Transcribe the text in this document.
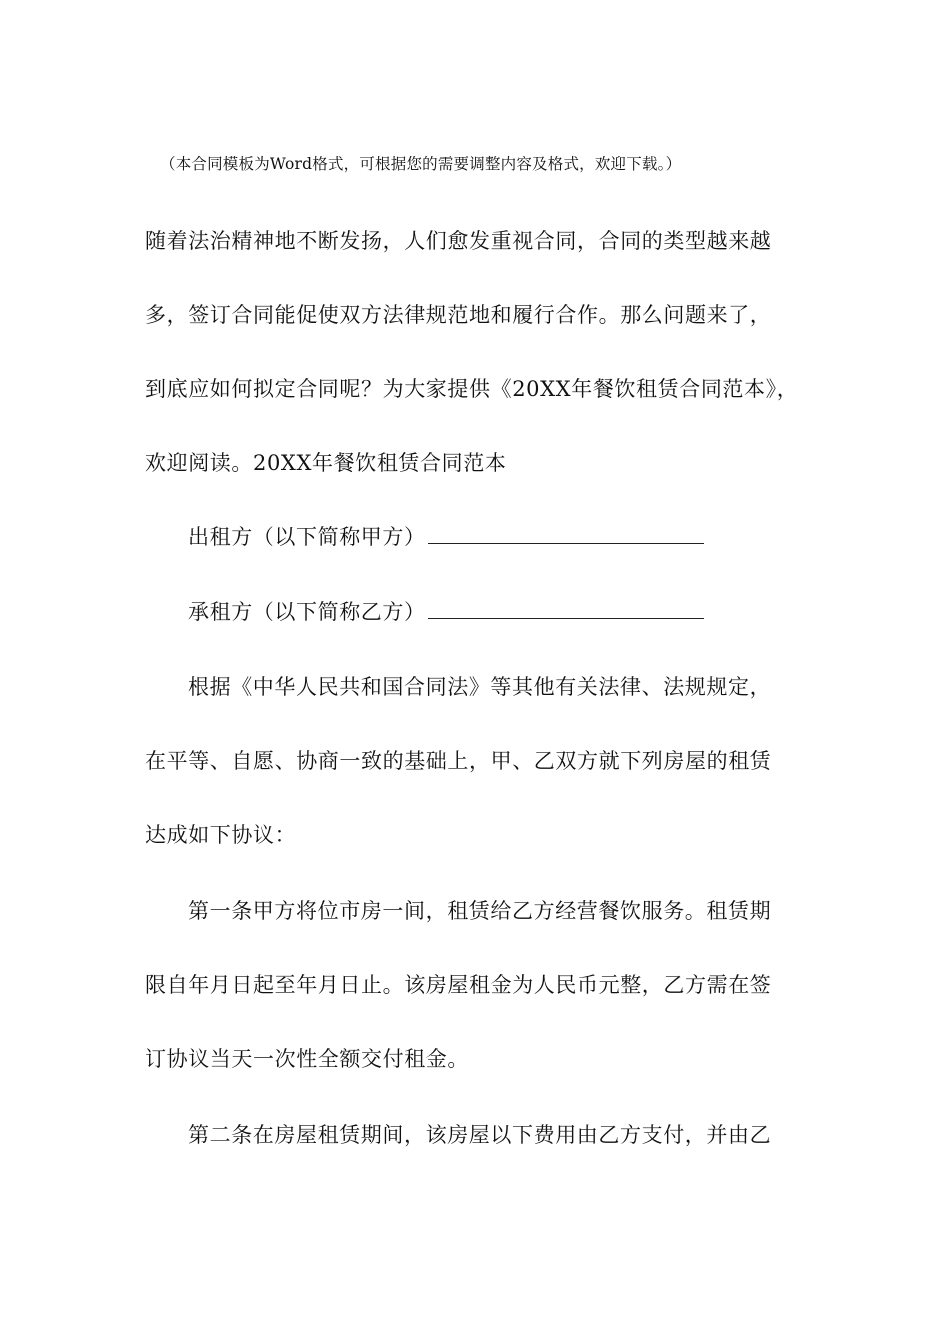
（本合同模板为Word格式，可根据您的需要调整内容及格式，欢迎下载。）
随着法治精神地不断发扬，人们愈发重视合同，合同的类型越来越
多，签订合同能促使双方法律规范地和履行合作。那么问题来了，
到底应如何拟定合同呢？为大家提供《20XX年餐饮租赁合同范本》，
欢迎阅读。20XX年餐饮租赁合同范本
出租方（以下简称甲方）
承租方（以下简称乙方）
根据《中华人民共和国合同法》等其他有关法律、法规规定，
在平等、自愿、协商一致的基础上，甲、乙双方就下列房屋的租赁
达成如下协议：
第一条甲方将位市房一间，租赁给乙方经营餐饮服务。租赁期
限自年月日起至年月日止。该房屋租金为人民币元整，乙方需在签
订协议当天一次性全额交付租金。
第二条在房屋租赁期间，该房屋以下费用由乙方支付，并由乙
